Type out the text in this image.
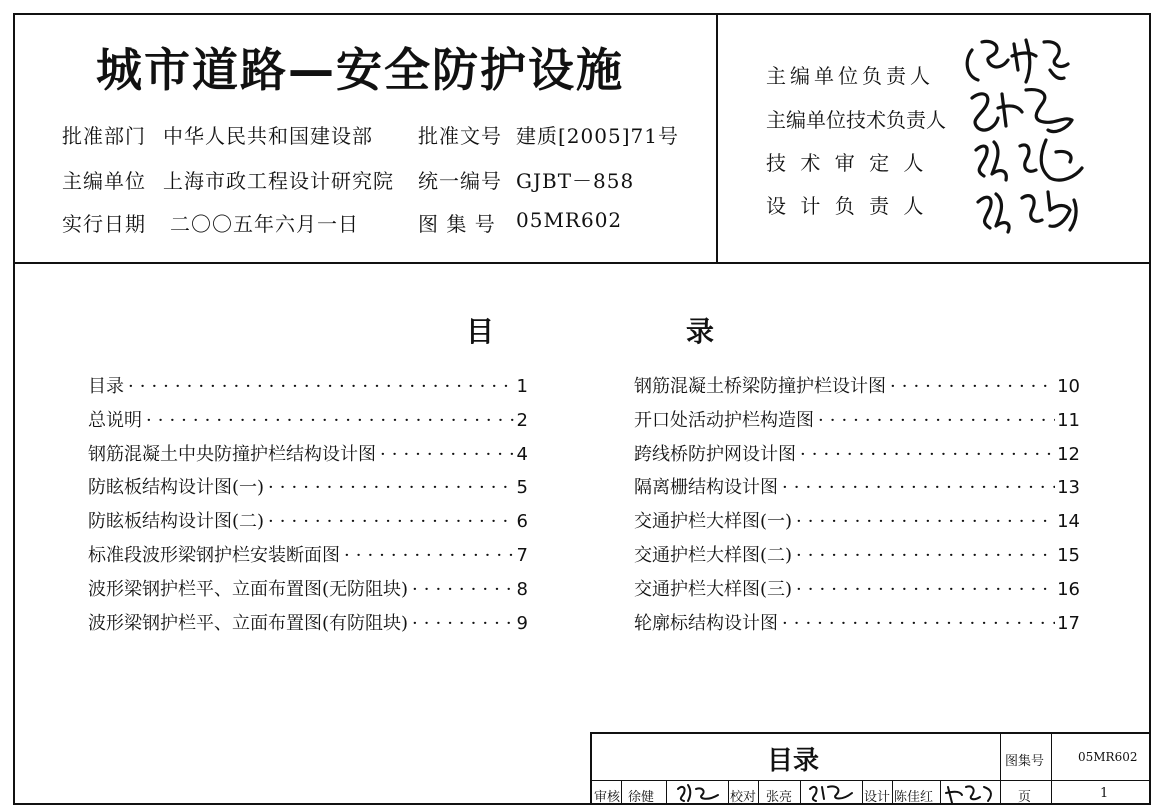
城市道路—安全防护设施
批准部门 中华人民共和国建设部 批准文号 建质[2005]71号
主编单位 上海市政工程设计研究院 统一编号 GJBT－858
实行日期 二〇〇五年六月一日	图 集 号 05MR602
主编单位负责人
主编单位技术负责人
技 术 审 定 人
设 计 负 责 人
目	录
目录 ·····	1
总说明 ·····	2
钢筋混凝土中央防撞护栏结构设计图 ·····	4
防眩板结构设计图(一) ·····	5
防眩板结构设计图(二) ·····	6
标准段波形梁钢护栏安装断面图 ·····	7
波形梁钢护栏平、立面布置图(无防阻块) ·····	8
波形梁钢护栏平、立面布置图(有防阻块) ·····	9
钢筋混凝土桥梁防撞护栏设计图 ·····	10
开口处活动护栏构造图 ·····	11
跨线桥防护网设计图 ·····	12
隔离栅结构设计图 ·····	13
交通护栏大样图(一) ·····	14
交通护栏大样图(二) ·····	15
交通护栏大样图(三) ·····	16
轮廓标结构设计图 ·····	17
目录	图集号	05MR602
页	1
审核 徐健	校对 张亮	设计 陈佳红
